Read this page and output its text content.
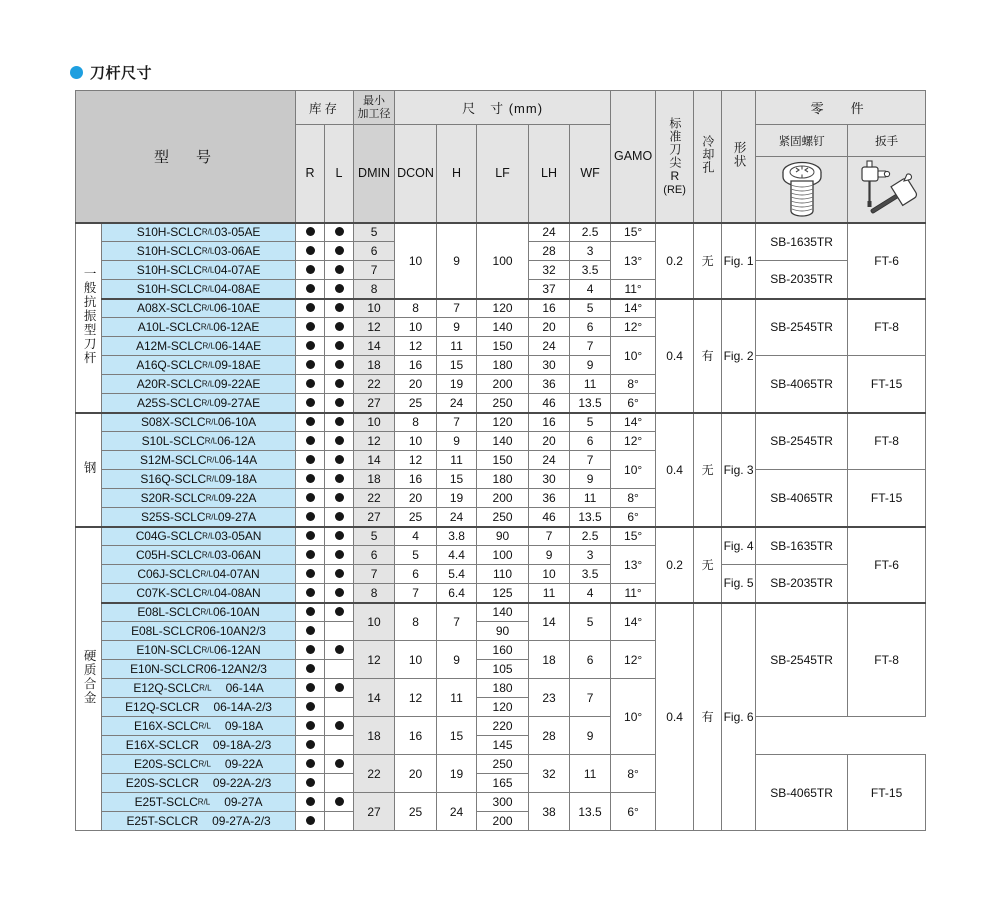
刀杆尺寸
型　号	库存	
最小
加工径	尺　寸 (mm)	GAMO	标准刀尖R
(RE)
	冷却孔	形状	零　件
		R	L	DMIN	DCON	H	LF	LH	WF					紧固螺钉	扳手

一般抗振型刀杆	S10H-SCLCR/L03-05AE			5	10	9	100	24	2.5	15°	0.2	无	Fig. 1	SB-1635TR	FT-6
	S10H-SCLCR/L03-06AE			6				28	3	13°					
	S10H-SCLCR/L04-07AE			7				32	3.5					SB-2035TR	
	S10H-SCLCR/L04-08AE			8				37	4	11°					
	A08X-SCLCR/L06-10AE			10	8	7	120	16	5	14°	0.4	有	Fig. 2	SB-2545TR	FT-8
	A10L-SCLCR/L06-12AE			12	10	9	140	20	6	12°					
	A12M-SCLCR/L06-14AE			14	12	11	150	24	7	10°					
	A16Q-SCLCR/L09-18AE			18	16	15	180	30	9					SB-4065TR	FT-15
	A20R-SCLCR/L09-22AE			22	20	19	200	36	11	8°					
	A25S-SCLCR/L09-27AE			27	25	24	250	46	13.5	6°					
钢	S08X-SCLCR/L06-10A			10	8	7	120	16	5	14°	0.4	无	Fig. 3	SB-2545TR	FT-8
	S10L-SCLCR/L06-12A			12	10	9	140	20	6	12°					
	S12M-SCLCR/L06-14A			14	12	11	150	24	7	10°					
	S16Q-SCLCR/L09-18A			18	16	15	180	30	9					SB-4065TR	FT-15
	S20R-SCLCR/L09-22A			22	20	19	200	36	11	8°					
	S25S-SCLCR/L09-27A			27	25	24	250	46	13.5	6°					
硬质合金	C04G-SCLCR/L03-05AN			5	4	3.8	90	7	2.5	15°	0.2	无	Fig. 4	SB-1635TR	FT-6
	C05H-SCLCR/L03-06AN			6	5	4.4	100	9	3	13°					
	C06J-SCLCR/L04-07AN			7	6	5.4	110	10	3.5				Fig. 5	SB-2035TR	
	C07K-SCLCR/L04-08AN			8	7	6.4	125	11	4	11°					
	E08L-SCLCR/L06-10AN			10	8	7	140	14	5	14°	0.4	有	Fig. 6	SB-2545TR	FT-8
	E08L-SCLCR06-10AN2/3						90								
	E10N-SCLCR/L06-12AN			12	10	9	160	18	6	12°					
	E10N-SCLCR06-12AN2/3						105								
	E12Q-SCLCR/L 06-14A			14	12	11	180	23	7	10°					
	E12Q-SCLCR 06-14A-2/3						120								
	E16X-SCLCR/L 09-18A			18	16	15	220	28	9						
	E16X-SCLCR 09-18A-2/3						145								
	E20S-SCLCR/L 09-22A			22	20	19	250	32	11	8°				SB-4065TR	FT-15
	E20S-SCLCR 09-22A-2/3						165								
	E25T-SCLCR/L 09-27A			27	25	24	300	38	13.5	6°					
	E25T-SCLCR 09-27A-2/3						200								
